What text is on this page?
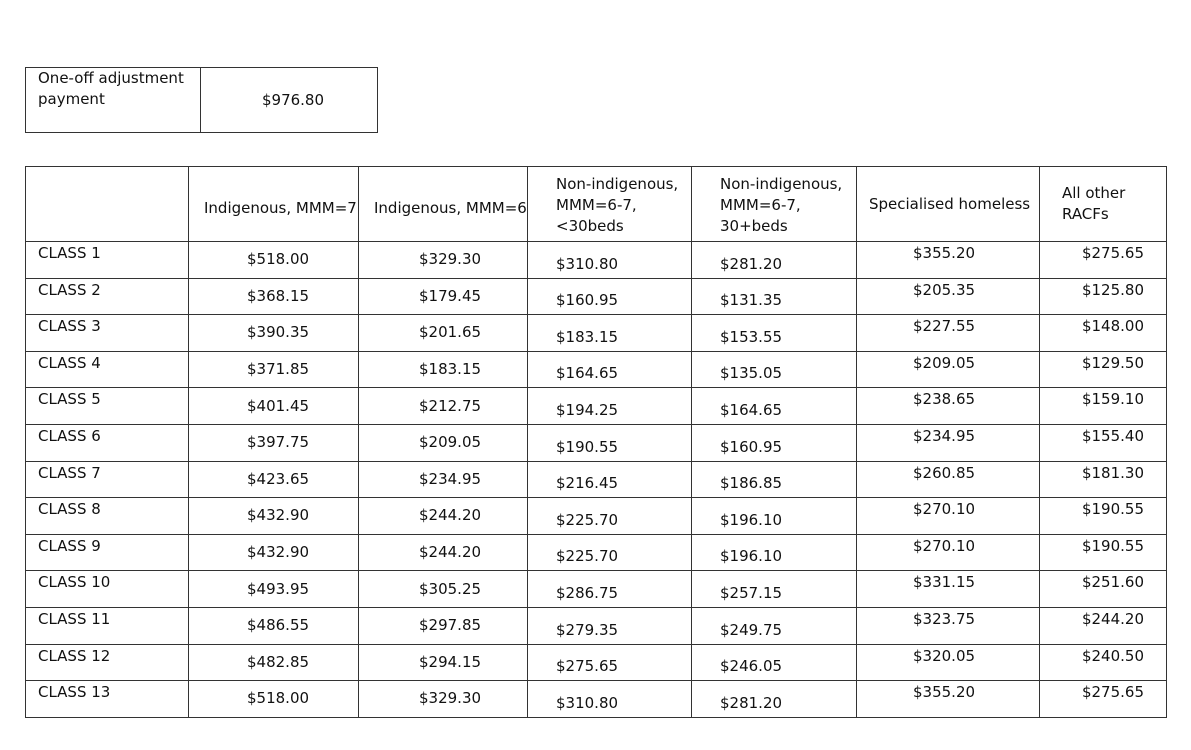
One-off adjustment payment	$976.80
	Indigenous, MMM=7	Indigenous, MMM=6	Non-indigenous, MMM=6-7, <30beds	Non-indigenous, MMM=6-7, 30+beds	Specialised homeless	All other RACFs
CLASS 1	$518.00	$329.30	$310.80	$281.20	$355.20	$275.65
CLASS 2	$368.15	$179.45	$160.95	$131.35	$205.35	$125.80
CLASS 3	$390.35	$201.65	$183.15	$153.55	$227.55	$148.00
CLASS 4	$371.85	$183.15	$164.65	$135.05	$209.05	$129.50
CLASS 5	$401.45	$212.75	$194.25	$164.65	$238.65	$159.10
CLASS 6	$397.75	$209.05	$190.55	$160.95	$234.95	$155.40
CLASS 7	$423.65	$234.95	$216.45	$186.85	$260.85	$181.30
CLASS 8	$432.90	$244.20	$225.70	$196.10	$270.10	$190.55
CLASS 9	$432.90	$244.20	$225.70	$196.10	$270.10	$190.55
CLASS 10	$493.95	$305.25	$286.75	$257.15	$331.15	$251.60
CLASS 11	$486.55	$297.85	$279.35	$249.75	$323.75	$244.20
CLASS 12	$482.85	$294.15	$275.65	$246.05	$320.05	$240.50
CLASS 13	$518.00	$329.30	$310.80	$281.20	$355.20	$275.65
